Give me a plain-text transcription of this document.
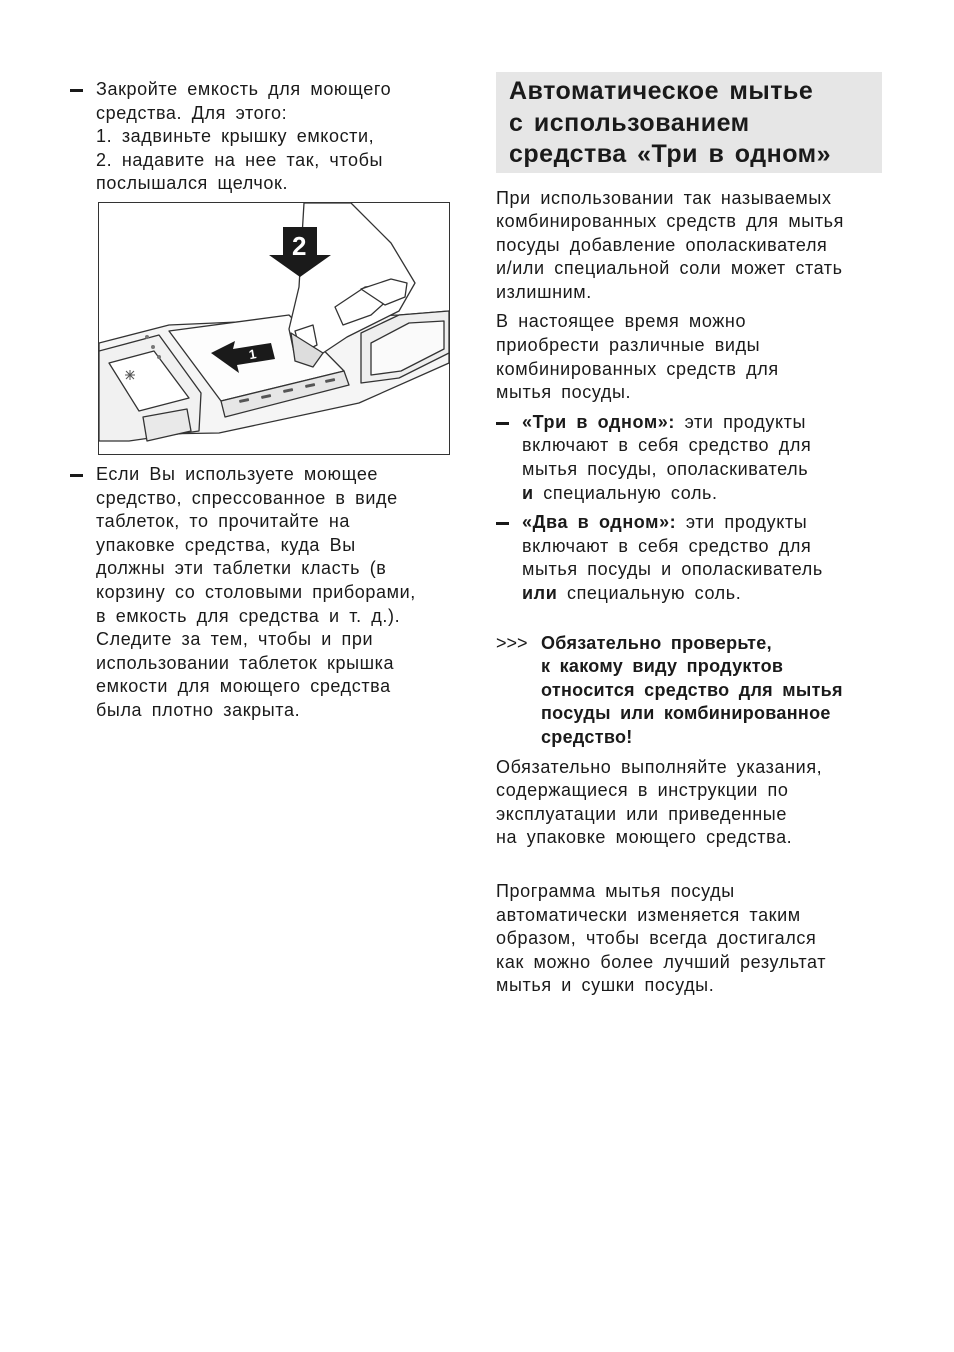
Закройте емкость для моющего
средства. Для этого:
1. задвиньте крышку емкости,
2. надавите на нее так, чтобы
послышался щелчок.
1
2
Если Вы используете моющее
средство, спрессованное в виде
таблеток, то прочитайте на
упаковке средства, куда Вы
должны эти таблетки класть (в
корзину со столовыми приборами,
в емкость для средства и т. д.).
Следите за тем, чтобы и при
использовании таблеток крышка
емкости для моющего средства
была плотно закрыта.
Автоматическое мытье
с использованием
средства «Три в одном»

При использовании так называемых
комбинированных средств для мытья
посуды добавление ополаскивателя
и/или специальной соли может стать
излишним.

В настоящее время можно
приобрести различные виды
комбинированных средств для
мытья посуды.

«Три в одном»: эти продукты
включают в себя средство для
мытья посуды, ополаскиватель
и специальную соль.
«Два в одном»: эти продукты
включают в себя средство для
мытья посуды и ополаскиватель
или специальную соль.
>>> Обязательно проверьте,
к какому виду продуктов
относится средство для мытья
посуды или комбинированное
средство!

Обязательно выполняйте указания,
содержащиеся в инструкции по
эксплуатации или приведенные
на упаковке моющего средства.

Программа мытья посуды
автоматически изменяется таким
образом, чтобы всегда достигался
как можно более лучший результат
мытья и сушки посуды.
